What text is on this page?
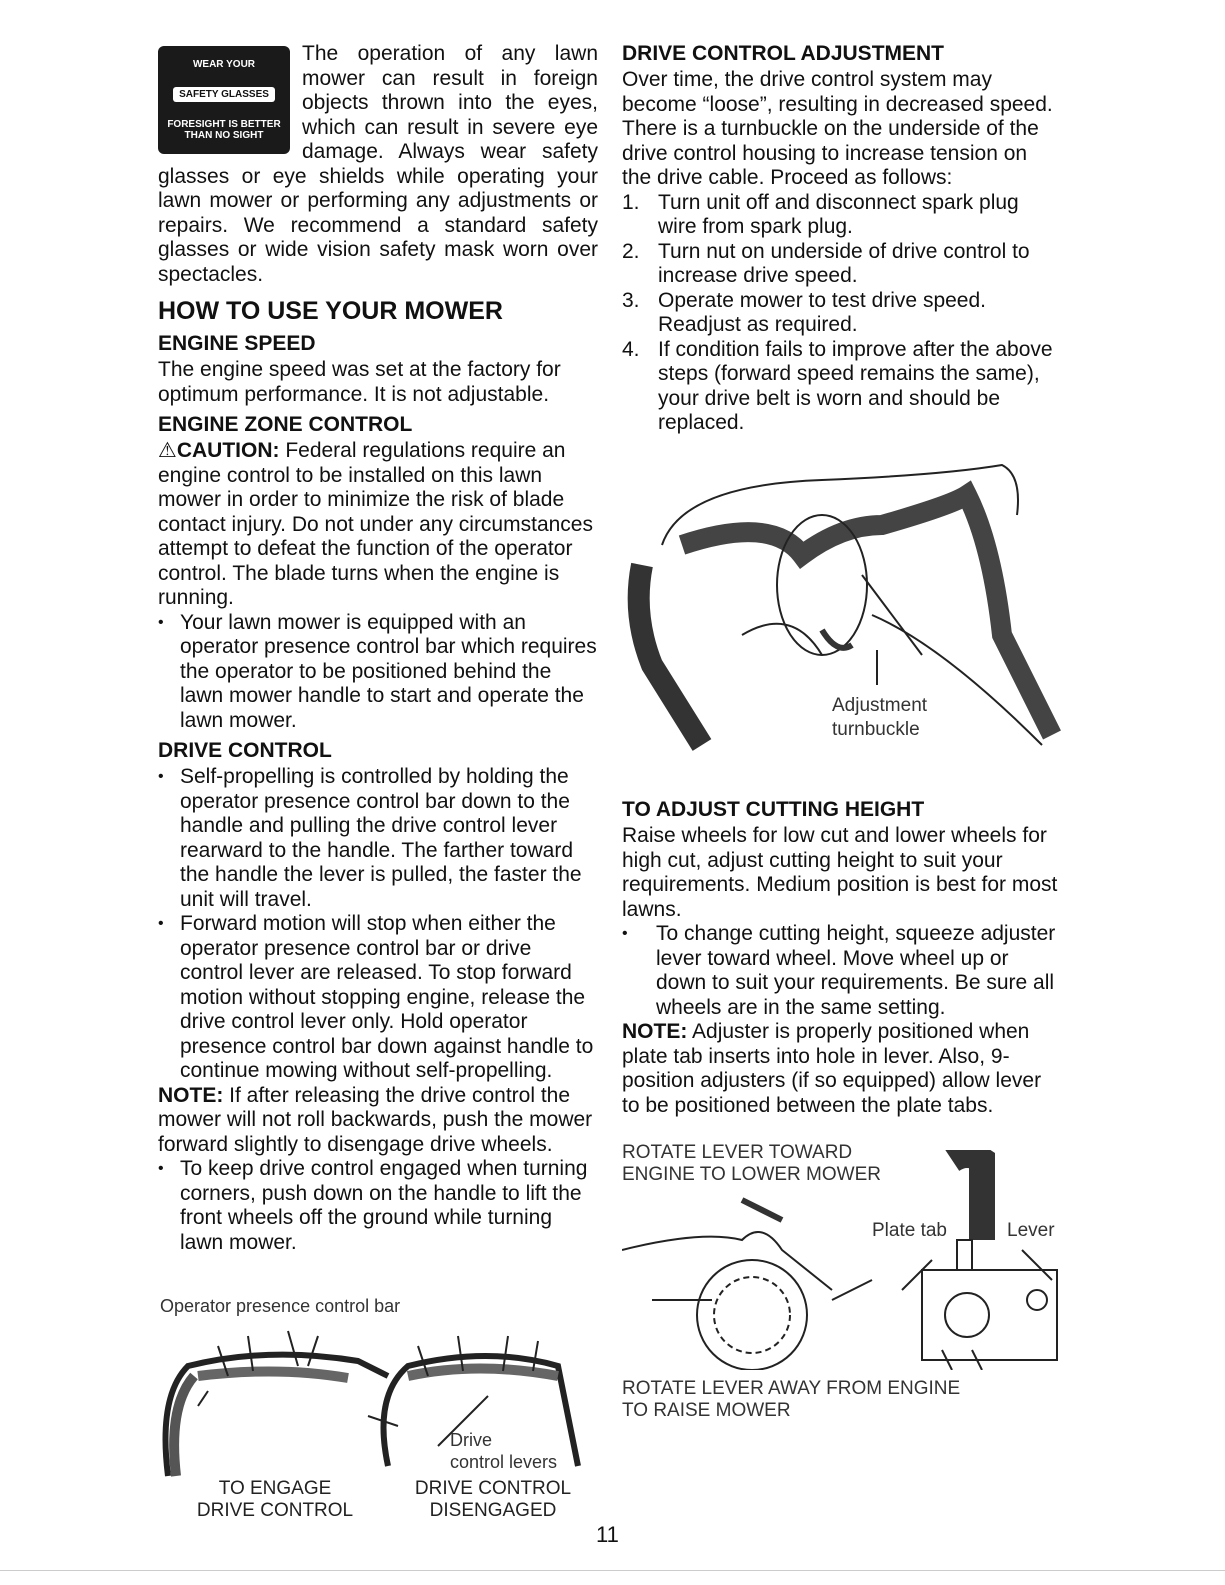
WEAR YOUR
SAFETY GLASSES
FORESIGHT IS BETTER THAN NO SIGHT

The operation of any lawn mower can result in foreign objects thrown into the eyes, which can result in severe eye damage. Always wear safety glasses or eye shields while operating your lawn mower or performing any adjustments or repairs. We recommend a standard safety glasses or wide vision safety mask worn over spectacles.

HOW TO USE YOUR MOWER
ENGINE SPEED

The engine speed was set at the factory for optimum performance. It is not adjustable.

ENGINE ZONE CONTROL

⚠CAUTION: Federal regulations require an engine control to be installed on this lawn mower in order to minimize the risk of blade contact injury. Do not under any circumstances attempt to defeat the function of the operator control. The blade turns when the engine is running.

• Your lawn mower is equipped with an operator presence control bar which requires the operator to be positioned behind the lawn mower handle to start and operate the lawn mower.
DRIVE CONTROL
• Self-propelling is controlled by holding the operator presence control bar down to the handle and pulling the drive control lever rearward to the handle. The farther toward the handle the lever is pulled, the faster the unit will travel.
• Forward motion will stop when either the operator presence control bar or drive control lever are released. To stop forward motion without stopping engine, release the drive control lever only. Hold operator presence control bar down against handle to continue mowing without self-propelling.

NOTE: If after releasing the drive control the mower will not roll backwards, push the mower forward slightly to disengage drive wheels.

• To keep drive control engaged when turning corners, push down on the handle to lift the front wheels off the ground while turning lawn mower.
Operator presence control bar
Drive
control levers
TO ENGAGE
DRIVE CONTROL
DRIVE CONTROL
DISENGAGED
DRIVE CONTROL ADJUSTMENT

Over time, the drive control system may become “loose”, resulting in decreased speed. There is a turnbuckle on the underside of the drive control housing to increase tension on the drive cable. Proceed as follows:

1. Turn unit off and disconnect spark plug wire from spark plug.
2. Turn nut on underside of drive control to increase drive speed.
3. Operate mower to test drive speed. Readjust as required.
4. If condition fails to improve after the above steps (forward speed remains the same), your drive belt is worn and should be replaced.
Adjustment
turnbuckle
TO ADJUST CUTTING HEIGHT

Raise wheels for low cut and lower wheels for high cut, adjust cutting height to suit your requirements. Medium position is best for most lawns.

• To change cutting height, squeeze adjuster lever toward wheel. Move wheel up or down to suit your requirements. Be sure all wheels are in the same setting.

NOTE: Adjuster is properly positioned when plate tab inserts into hole in lever. Also, 9-position adjusters (if so equipped) allow lever to be positioned between the plate tabs.

ROTATE LEVER TOWARD
ENGINE TO LOWER MOWER
Plate tab	Lever
ROTATE LEVER AWAY FROM ENGINE
TO RAISE MOWER
11
